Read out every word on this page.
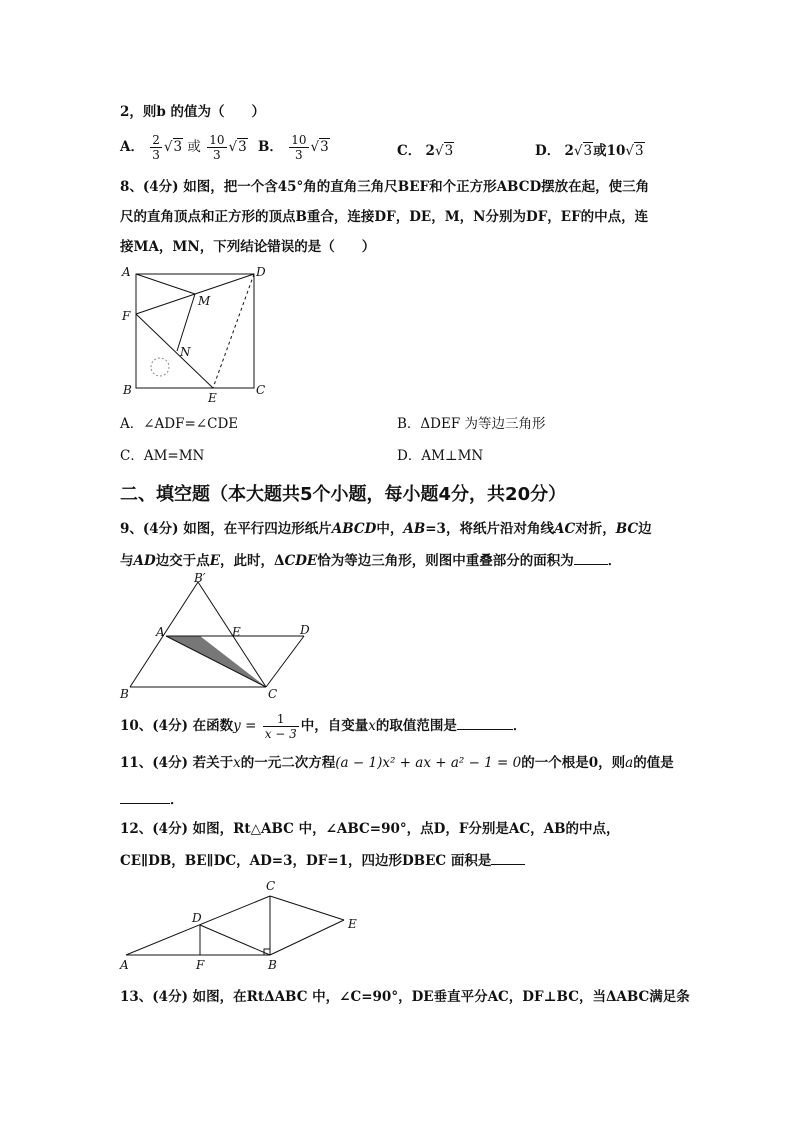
2，则b 的值为（　　）
A． $\frac{2}{3} √3$ 或 $\frac{10}{3} √3$ B． $\frac{10}{3} √3$	C． 2√3	D． 2√3或10√3
8、(4分) 如图，把一个含45°角的直角三角尺BEF和个正方形ABCD摆放在起，使三角
尺的直角顶点和正方形的顶点B重合，连接DF，DE，M，N分别为DF，EF的中点，连
接MA，MN，下列结论错误的是（　　）
A	D
M
F
N
B
E
C
A．∠ADF=∠CDE	B．ΔDEF 为等边三角形
C．AM=MN	D．AM⊥MN
二、填空题（本大题共5个小题，每小题4分，共20分）
9、(4分) 如图，在平行四边形纸片ABCD中，AB=3，将纸片沿对角线AC对折，BC边
与AD边交于点E，此时，ΔCDE恰为等边三角形，则图中重叠部分的面积为	．
B′
A	E	D
B	C
10、(4分) 在函数$y = \frac{1}{x - 3}$ 中，自变量x的取值范围是	．
11、(4分) 若关于x的一元二次方程(a − 1)x² + ax + a² − 1 = 0的一个根是0，则a的值是
．
12、(4分) 如图，Rt△ABC 中，∠ABC=90°，点D，F分别是AC，AB的中点，
CE∥DB，BE∥DC，AD=3，DF=1，四边形DBEC 面积是
C
D	E
A	F	B
13、(4分) 如图，在RtΔABC 中，∠C=90°，DE垂直平分AC，DF⊥BC，当ΔABC满足条
